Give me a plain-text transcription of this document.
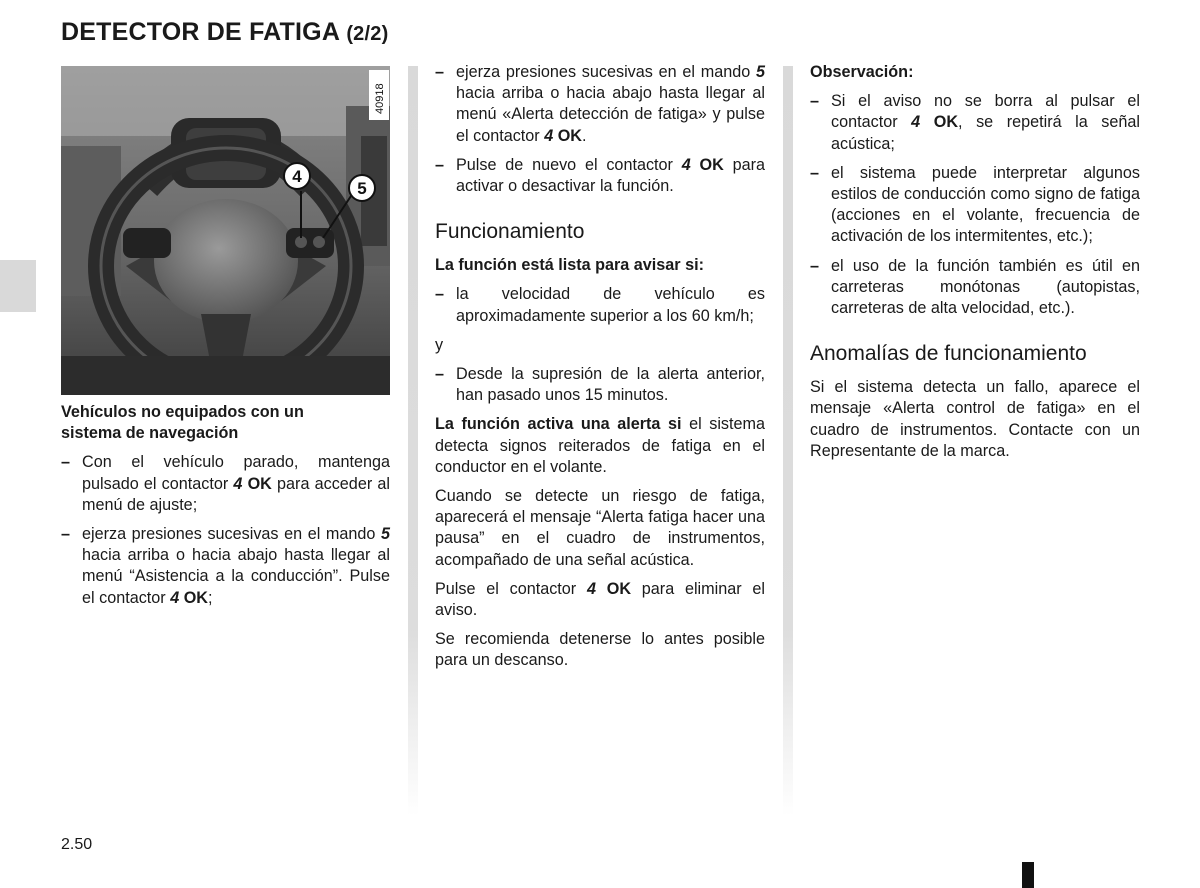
DETECTOR DE FATIGA (2/2)
4
5
40918

Vehículos no equipados con un
sistema de navegación

– Con el vehículo parado, mantenga pulsado el contactor 4 OK para acceder al menú de ajuste;
– ejerza presiones sucesivas en el mando 5 hacia arriba o hacia abajo hasta llegar al menú “Asistencia a la conducción”. Pulse el contactor 4 OK;
– ejerza presiones sucesivas en el mando 5 hacia arriba o hacia abajo hasta llegar al menú «Alerta detección de fatiga» y pulse el contactor 4 OK.
– Pulse de nuevo el contactor 4 OK para activar o desactivar la función.
Funcionamiento

La función está lista para avisar si:

– la velocidad de vehículo es aproximadamente superior a los 60 km/h;

y

– Desde la supresión de la alerta anterior, han pasado unos 15 minutos.

La función activa una alerta si el sistema detecta signos reiterados de fatiga en el conductor en el volante.

Cuando se detecte un riesgo de fatiga, aparecerá el mensaje “Alerta fatiga hacer una pausa” en el cuadro de instrumentos, acompañado de una señal acústica.

Pulse el contactor 4 OK para eliminar el aviso.

Se recomienda detenerse lo antes posible para un descanso.

Observación:

– Si el aviso no se borra al pulsar el contactor 4 OK, se repetirá la señal acústica;
– el sistema puede interpretar algunos estilos de conducción como signo de fatiga (acciones en el volante, frecuencia de activación de los intermitentes, etc.);
– el uso de la función también es útil en carreteras monótonas (autopistas, carreteras de alta velocidad, etc.).
Anomalías de funcionamiento

Si el sistema detecta un fallo, aparece el mensaje «Alerta control de fatiga» en el cuadro de instrumentos. Contacte con un Representante de la marca.

2.50
